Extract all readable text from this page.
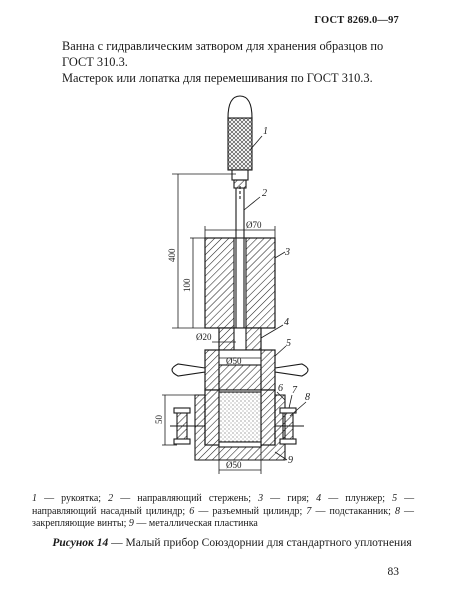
ГОСТ 8269.0—97
Ванна с гидравлическим затвором для хранения образцов по ГОСТ 310.3.
Мастерок или лопатка для перемешивания по ГОСТ 310.3.
1
2
3
4
5
6 7
8
9
Ø70
Ø20
Ø50
Ø50
400
100
50
1 — рукоятка; 2 — направляющий стержень; 3 — гиря; 4 — плунжер; 5 — направляющий насадный цилиндр; 6 — разъемный цилиндр; 7 — подстаканник; 8 — закрепляющие винты; 9 — металлическая пластинка
Рисунок 14 — Малый прибор Союздорнии для стандартного уплотнения
83
